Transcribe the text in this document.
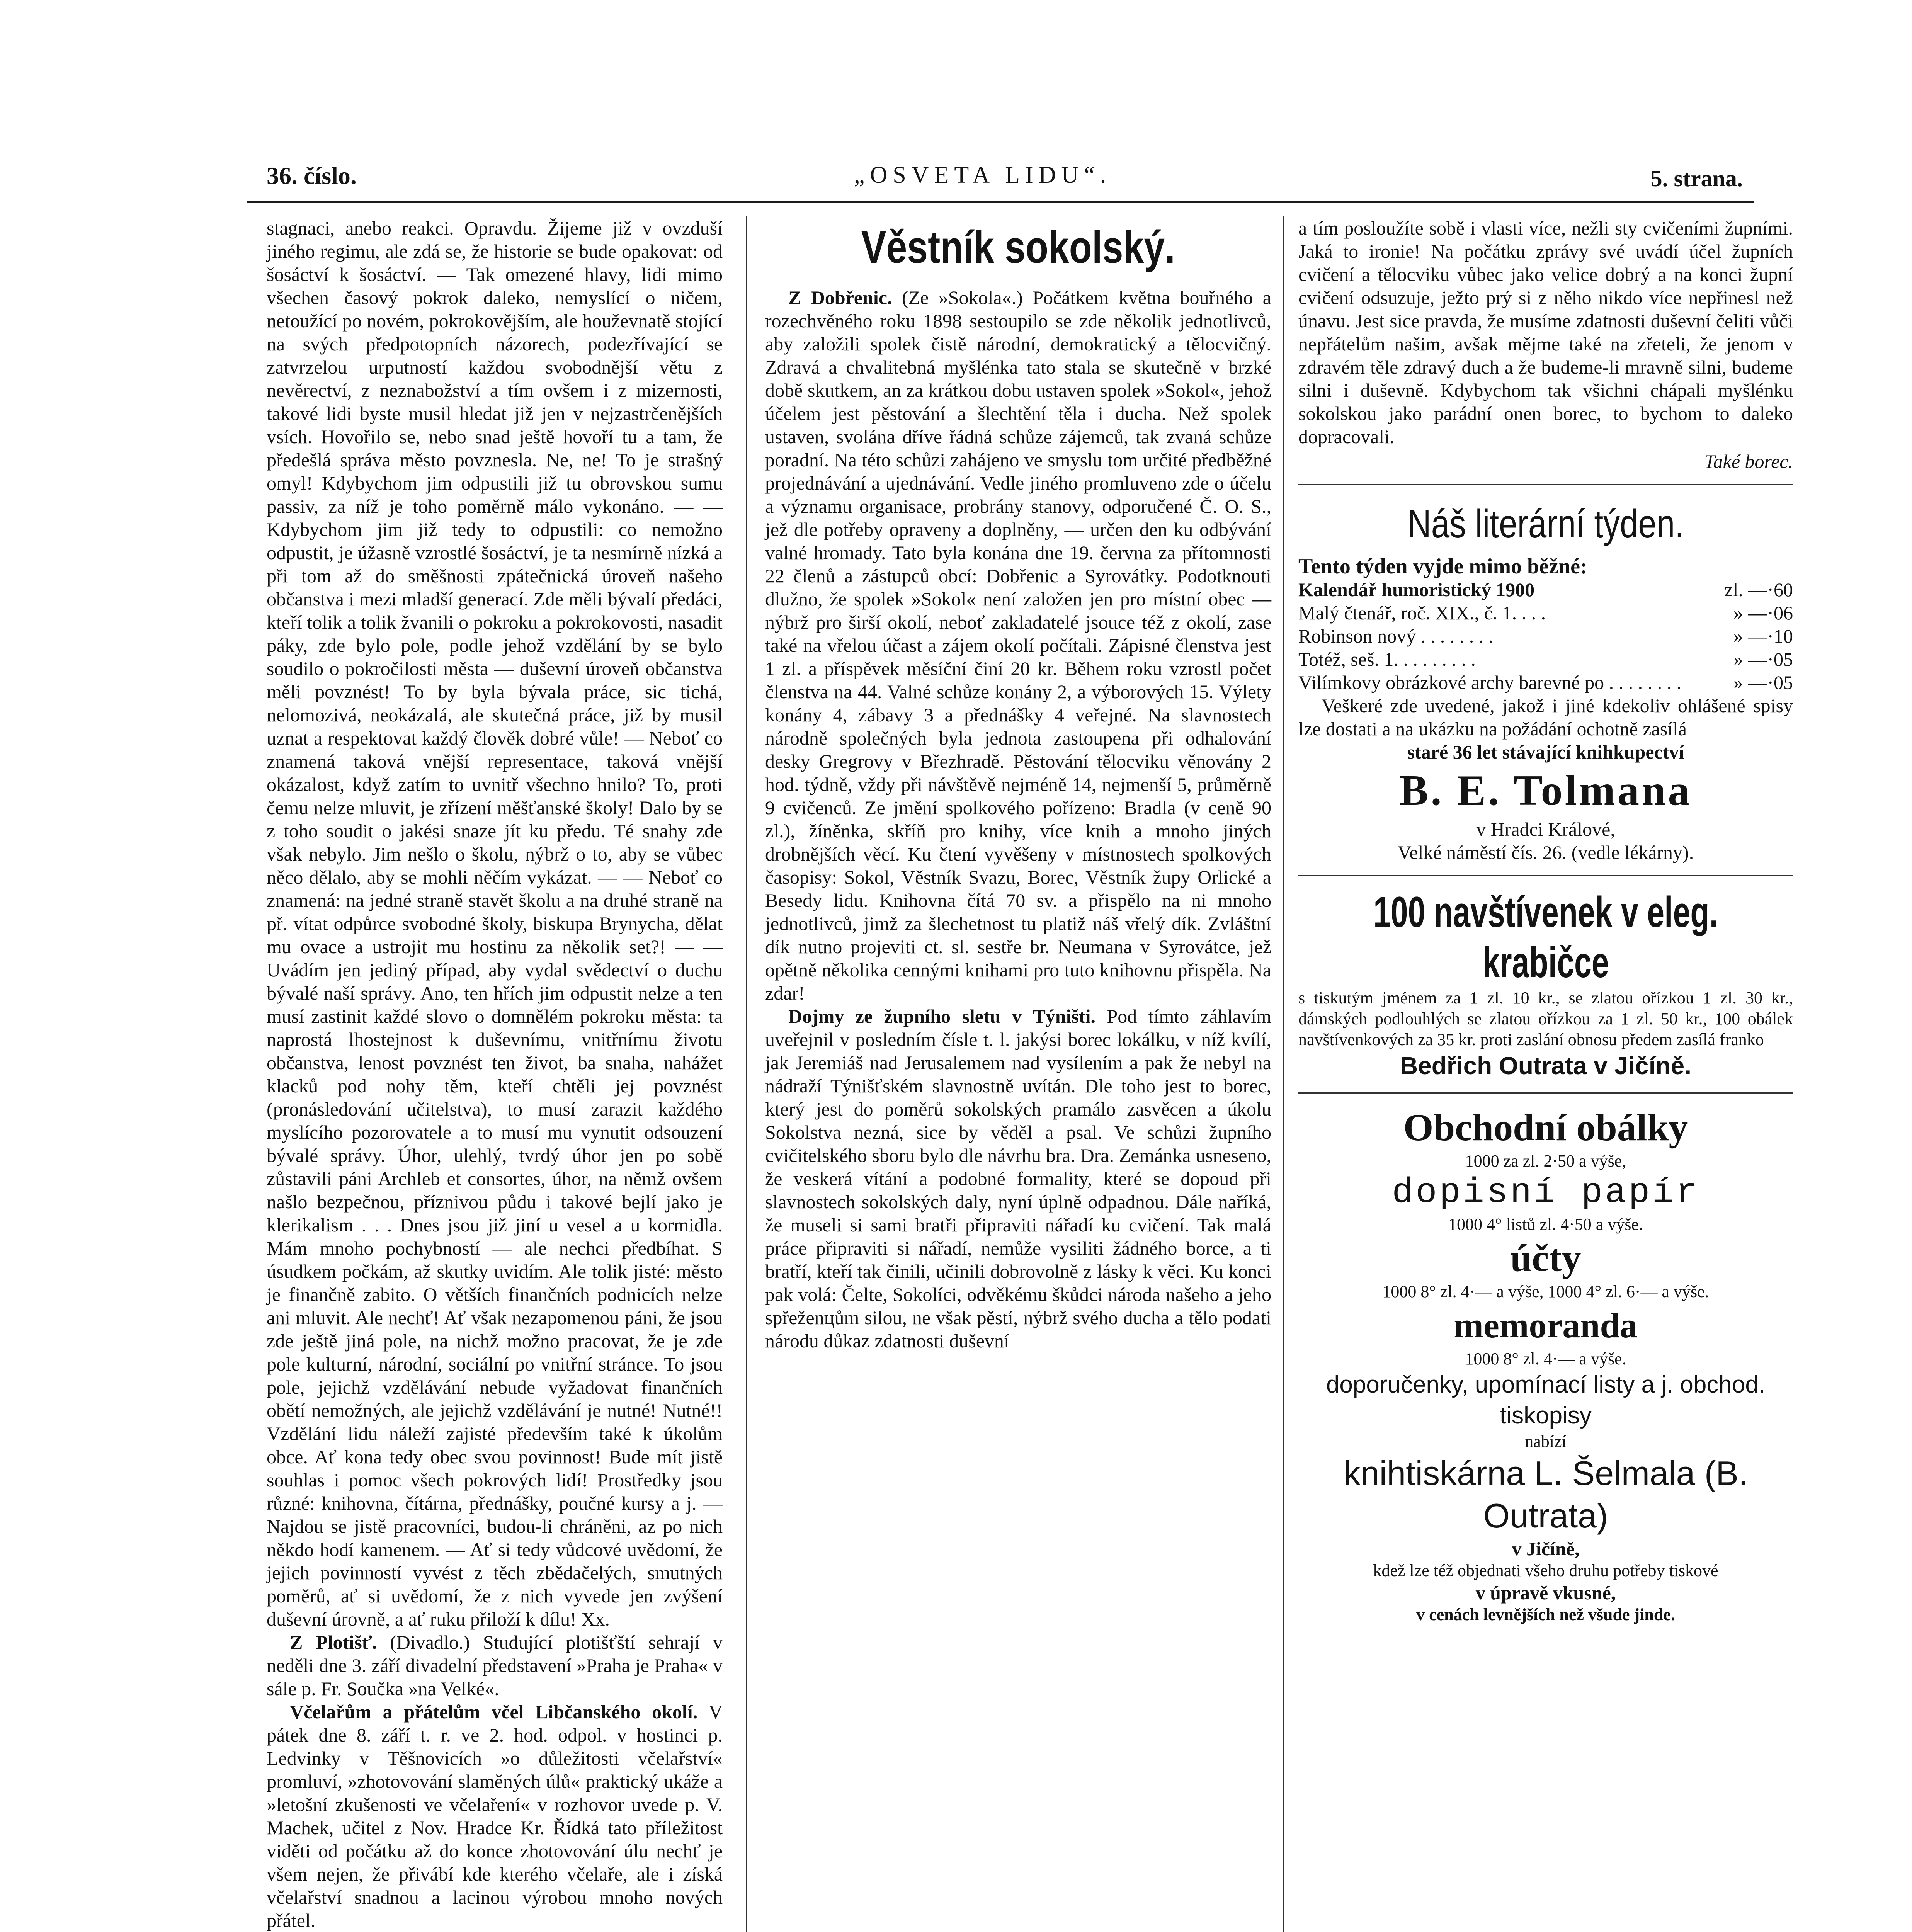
36. číslo.	„OSVETA LIDU“.	5. strana.

stagnaci, anebo reakci. Opravdu. Žijeme již v ovzduší jiného regimu, ale zdá se, že historie se bude opakovat: od šosáctví k šosáctví. — Tak omezené hlavy, lidi mimo všechen časový pokrok daleko, nemyslící o ničem, netoužící po novém, pokrokovějším, ale houževnatě stojící na svých předpotopních názorech, podezřívající se zatvrzelou urputností každou svobodnější větu z nevěrectví, z neznabožství a tím ovšem i z mizernosti, takové lidi byste musil hledat již jen v nejzastrčenějších vsích. Hovořilo se, nebo snad ještě hovoří tu a tam, že předešlá správa město povznesla. Ne, ne! To je strašný omyl! Kdybychom jim odpustili již tu obrovskou sumu passiv, za níž je toho poměrně málo vykonáno. — — Kdybychom jim již tedy to odpustili: co nemožno odpustit, je úžasně vzrostlé šosáctví, je ta nesmírně nízká a při tom až do směšnosti zpátečnická úroveň našeho občanstva i mezi mladší generací. Zde měli bývalí předáci, kteří tolik a tolik žvanili o pokroku a pokrokovosti, nasadit páky, zde bylo pole, podle jehož vzdělání by se bylo soudilo o pokročilosti města — duševní úroveň občanstva měli povznést! To by byla bývala práce, sic tichá, nelomozivá, neokázalá, ale skutečná práce, již by musil uznat a respektovat každý člověk dobré vůle! — Neboť co znamená taková vnější representace, taková vnější okázalost, když zatím to uvnitř všechno hnilo? To, proti čemu nelze mluvit, je zřízení měšťanské školy! Dalo by se z toho soudit o jakési snaze jít ku předu. Té snahy zde však nebylo. Jim nešlo o školu, nýbrž o to, aby se vůbec něco dělalo, aby se mohli něčím vykázat. — — Neboť co znamená: na jedné straně stavět školu a na druhé straně na př. vítat odpůrce svobodné školy, biskupa Brynycha, dělat mu ovace a ustrojit mu hostinu za několik set?! — — Uvádím jen jediný případ, aby vydal svědectví o duchu bývalé naší správy. Ano, ten hřích jim odpustit nelze a ten musí zastinit každé slovo o domnělém pokroku města: ta naprostá lhostejnost k duševnímu, vnitřnímu životu občanstva, lenost povznést ten život, ba snaha, nahážet klacků pod nohy těm, kteří chtěli jej povznést (pronásledování učitelstva), to musí zarazit každého myslícího pozorovatele a to musí mu vynutit odsouzení bývalé správy. Úhor, ulehlý, tvrdý úhor jen po sobě zůstavili páni Archleb et consortes, úhor, na němž ovšem našlo bezpečnou, příznivou půdu i takové bejlí jako je klerikalism . . . Dnes jsou již jiní u vesel a u kormidla. Mám mnoho pochybností — ale nechci předbíhat. S úsudkem počkám, až skutky uvidím. Ale tolik jisté: město je finančně zabito. O větších finančních podnicích nelze ani mluvit. Ale nechť! Ať však nezapomenou páni, že jsou zde ještě jiná pole, na nichž možno pracovat, že je zde pole kulturní, národní, sociální po vnitřní stránce. To jsou pole, jejichž vzdělávání nebude vyžadovat finančních obětí nemožných, ale jejichž vzdělávání je nutné! Nutné!! Vzdělání lidu náleží zajisté především také k úkolům obce. Ať kona tedy obec svou povinnost! Bude mít jistě souhlas i pomoc všech pokrových lidí! Prostředky jsou různé: knihovna, čítárna, přednášky, poučné kursy a j. — Najdou se jistě pracovníci, budou-li chráněni, az po nich někdo hodí kamenem. — Ať si tedy vůdcové uvědomí, že jejich povinností vyvést z těch zbědačelých, smutných poměrů, ať si uvědomí, že z nich vyvede jen zvýšení duševní úrovně, a ať ruku přiloží k dílu! Xx.

Z Plotišť. (Divadlo.) Studující plotišťští sehrají v neděli dne 3. září divadelní představení »Praha je Praha« v sále p. Fr. Součka »na Velké«.

Včelařům a přátelům včel Libčanského okolí. V pátek dne 8. září t. r. ve 2. hod. odpol. v hostinci p. Ledvinky v Těšnovicích »o důležitosti včelařství« promluví, »zhotovování slaměných úlů« praktický ukáže a »letošní zkušenosti ve včelaření« v rozhovor uvede p. V. Machek, učitel z Nov. Hradce Kr. Řídká tato příležitost viděti od počátku až do konce zhotovování úlu nechť je všem nejen, že přivábí kde kterého včelaře, ale i získá včelařství snadnou a lacinou výrobou mnoho nových přátel.

Věstník sokolský.

Z Dobřenic. (Ze »Sokola«.) Počátkem května bouřného a rozechvěného roku 1898 sestoupilo se zde několik jednotlivců, aby založili spolek čistě národní, demokratický a tělocvičný. Zdravá a chvalitebná myšlénka tato stala se skutečně v brzké době skutkem, an za krátkou dobu ustaven spolek »Sokol«, jehož účelem jest pěstování a šlechtění těla i ducha. Než spolek ustaven, svolána dříve řádná schůze zájemců, tak zvaná schůze poradní. Na této schůzi zahájeno ve smyslu tom určité předběžné projednávání a ujednávání. Vedle jiného promluveno zde o účelu a významu organisace, probrány stanovy, odporučené Č. O. S., jež dle potřeby opraveny a doplněny, — určen den ku odbývání valné hromady. Tato byla konána dne 19. června za přítomnosti 22 členů a zástupců obcí: Dobřenic a Syrovátky. Podotknouti dlužno, že spolek »Sokol« není založen jen pro místní obec — nýbrž pro širší okolí, neboť zakladatelé jsouce též z okolí, zase také na vřelou účast a zájem okolí počítali. Zápisné členstva jest 1 zl. a příspěvek měsíční činí 20 kr. Během roku vzrostl počet členstva na 44. Valné schůze konány 2, a výborových 15. Výlety konány 4, zábavy 3 a přednášky 4 veřejné. Na slavnostech národně společných byla jednota zastoupena při odhalování desky Gregrovy v Březhradě. Pěstování tělocviku věnovány 2 hod. týdně, vždy při návštěvě nejméně 14, nejmenší 5, průměrně 9 cvičenců. Ze jmění spolkového pořízeno: Bradla (v ceně 90 zl.), žíněnka, skříň pro knihy, více knih a mnoho jiných drobnějších věcí. Ku čtení vyvěšeny v místnostech spolkových časopisy: Sokol, Věstník Svazu, Borec, Věstník župy Orlické a Besedy lidu. Knihovna čítá 70 sv. a přispělo na ni mnoho jednotlivců, jimž za šlechetnost tu platiž náš vřelý dík. Zvláštní dík nutno projeviti ct. sl. sestře br. Neumana v Syrovátce, jež opětně několika cennými knihami pro tuto knihovnu přispěla. Na zdar!

Dojmy ze župního sletu v Týništi. Pod tímto záhlavím uveřejnil v posledním čísle t. l. jakýsi borec lokálku, v níž kvílí, jak Jeremiáš nad Jerusalemem nad vysílením a pak že nebyl na nádraží Týnišťském slavnostně uvítán. Dle toho jest to borec, který jest do poměrů sokolských pramálo zasvěcen a úkolu Sokolstva nezná, sice by věděl a psal. Ve schůzi župního cvičitelského sboru bylo dle návrhu bra. Dra. Zemánka usneseno, že veskerá vítání a podobné formality, které se dopoud při slavnostech sokolských daly, nyní úplně odpadnou. Dále naříká, že museli si sami bratři připraviti nářadí ku cvičení. Tak malá práce připraviti si nářadí, nemůže vysiliti žádného borce, a ti bratří, kteří tak činili, učinili dobrovolně z lásky k věci. Ku konci pak volá: Čelte, Sokolíci, odvěkému škůdci národa našeho a jeho spřeženцům silou, ne však pěstí, nýbrž svého ducha a tělo podati národu důkaz zdatnosti duševní

a tím posloužíte sobě i vlasti více, nežli sty cvičeními župními. Jaká to ironie! Na počátku zprávy své uvádí účel župních cvičení a tělocviku vůbec jako velice dobrý a na konci župní cvičení odsuzuje, ježto prý si z něho nikdo více nepřinesl než únavu. Jest sice pravda, že musíme zdatnosti duševní čeliti vůči nepřátelům našim, avšak mějme také na zřeteli, že jenom v zdravém těle zdravý duch a že budeme-li mravně silni, budeme silni i duševně. Kdybychom tak všichni chápali myšlénku sokolskou jako parádní onen borec, to bychom to daleko dopracovali.

Také borec.
Náš literární týden.
Tento týden vyjde mimo běžné:
Kalendář humoristický 1900	zl. —·60
Malý čtenář, roč. XIX., č. 1. . . .	» —·06
Robinson nový . . . . . . . .	» —·10
Totéž, seš. 1. . . . . . . . .	» —·05
Vilímkovy obrázkové archy barevné po . . . . . . . .	» —·05

Veškeré zde uvedené, jakož i jiné kdekoliv ohlášené spisy lze dostati a na ukázku na požádání ochotně zasílá

staré 36 let stávající knihkupectví
B. E. Tolmana
v Hradci Králové,
Velké náměstí čís. 26. (vedle lékárny).
100 navštívenek v eleg. krabičce

s tiskutým jménem za 1 zl. 10 kr., se zlatou ořízkou 1 zl. 30 kr., dámských podlouhlých se zlatou ořízkou za 1 zl. 50 kr., 100 obálek navštívenkových za 35 kr. proti zaslání obnosu předem zasílá franko

Bedřich Outrata v Jičíně.
Obchodní obálky
1000 za zl. 2·50 a výše,
dopisní papír
1000 4° listů zl. 4·50 a výše.
účty
1000 8° zl. 4·— a výše, 1000 4° zl. 6·— a výše.
memoranda
1000 8° zl. 4·— a výše.
doporučenky, upomínací listy a j. obchod. tiskopisy
nabízí
knihtiskárna L. Šelmala (B. Outrata)
v Jičíně,
kdež lze též objednati všeho druhu potřeby tiskové
v úpravě vkusné,
v cenách levnějších než všude jinde.
